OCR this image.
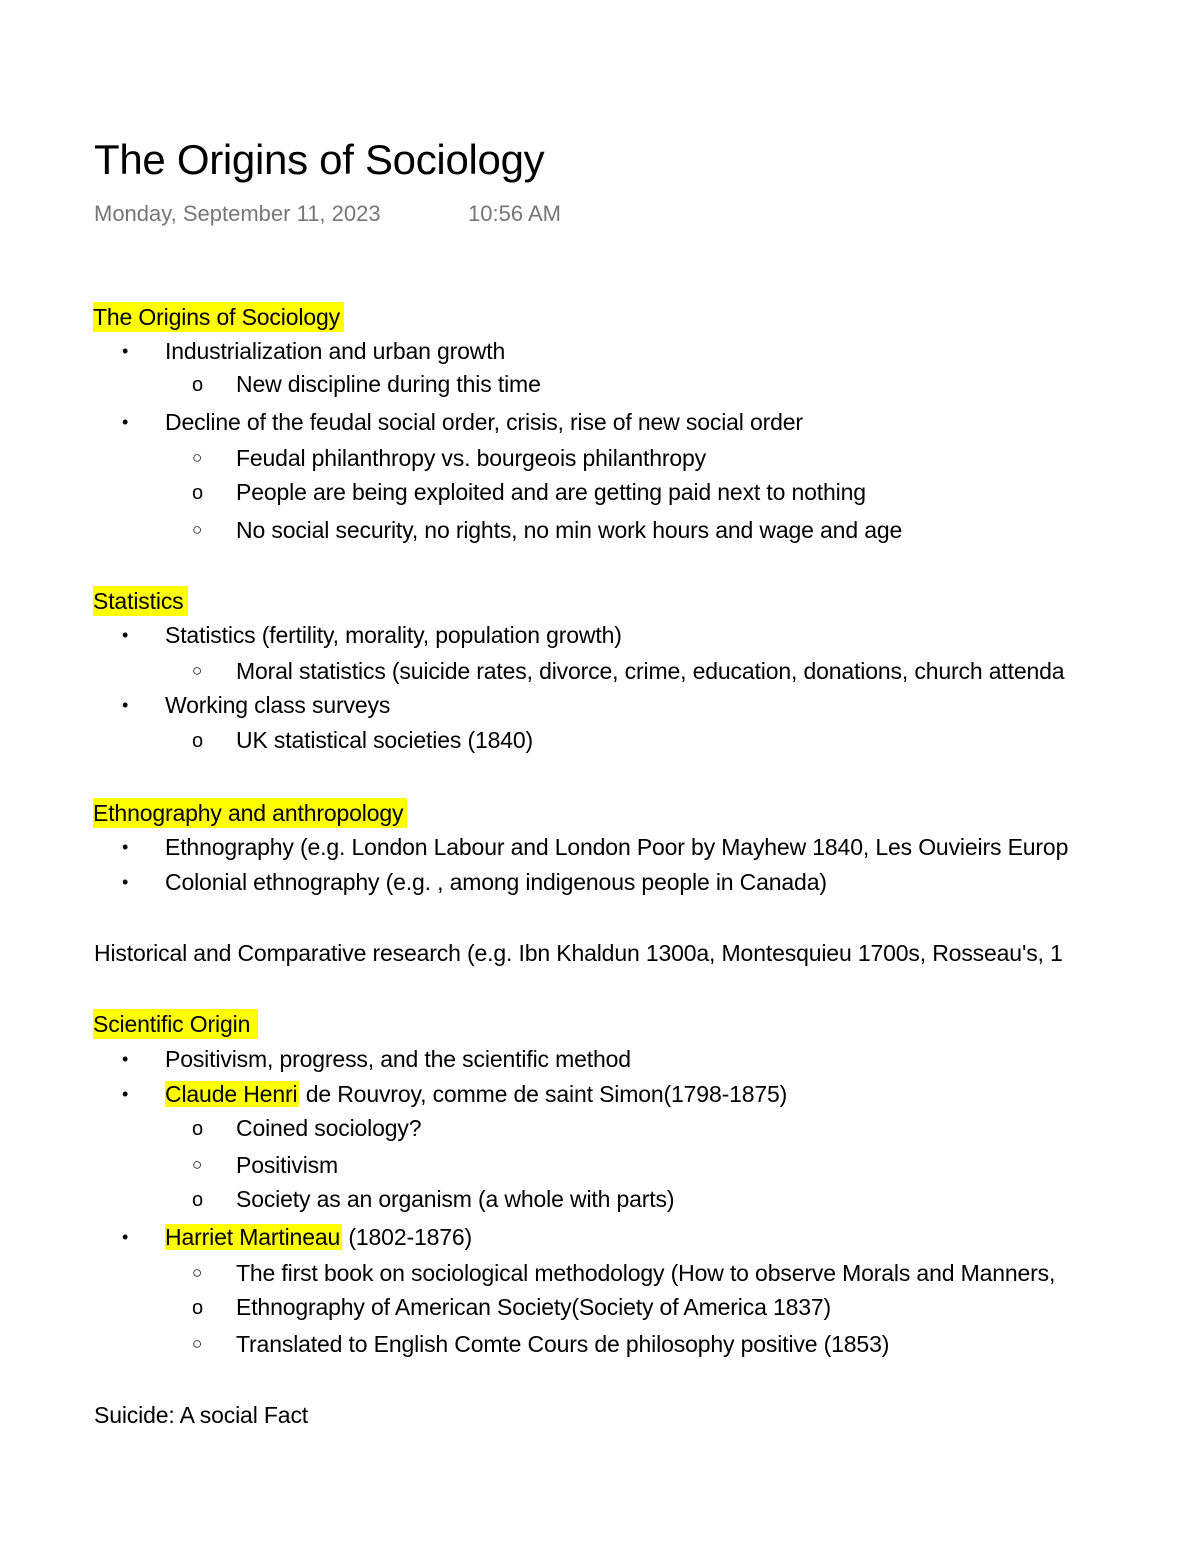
The Origins of Sociology
Monday, September 11, 2023	10:56 AM
The Origins of Sociology
• Industrialization and urban growth
o New discipline during this time
• Decline of the feudal social order, crisis, rise of new social order
○ Feudal philanthropy vs. bourgeois philanthropy
o People are being exploited and are getting paid next to nothing
○ No social security, no rights, no min work hours and wage and age
Statistics
• Statistics (fertility, morality, population growth)
○ Moral statistics (suicide rates, divorce, crime, education, donations, church attenda
• Working class surveys
o UK statistical societies (1840)
Ethnography and anthropology
• Ethnography (e.g. London Labour and London Poor by Mayhew 1840, Les Ouvieirs Europ
• Colonial ethnography (e.g. , among indigenous people in Canada)
Historical and Comparative research (e.g. Ibn Khaldun 1300a, Montesquieu 1700s, Rosseau's, 1
Scientific Origin
• Positivism, progress, and the scientific method
• Claude Henri de Rouvroy, comme de saint Simon(1798-1875)
o Coined sociology?
○ Positivism
o Society as an organism (a whole with parts)
• Harriet Martineau (1802-1876)
○ The first book on sociological methodology (How to observe Morals and Manners,
o Ethnography of American Society(Society of America 1837)
○ Translated to English Comte Cours de philosophy positive (1853)
Suicide: A social Fact
